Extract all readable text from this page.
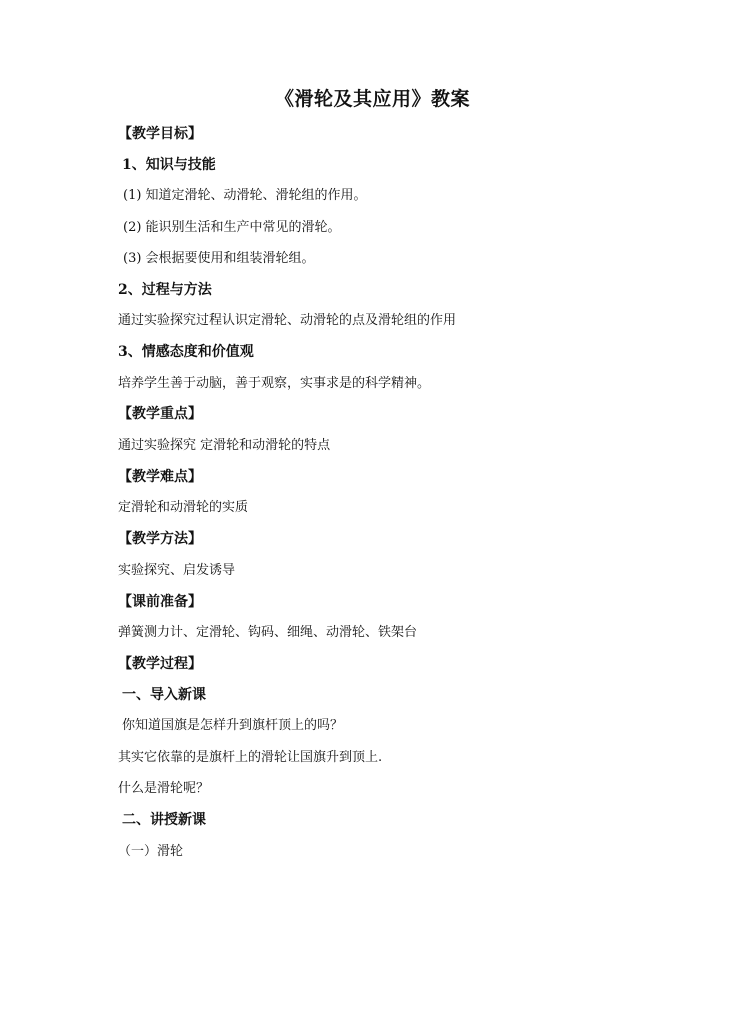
《滑轮及其应用》教案
【教学目标】
1、知识与技能
(1) 知道定滑轮、动滑轮、滑轮组的作用。
(2) 能识别生活和生产中常见的滑轮。
(3) 会根据要使用和组装滑轮组。
2、过程与方法
通过实验探究过程认识定滑轮、动滑轮的点及滑轮组的作用
3、情感态度和价值观
培养学生善于动脑，善于观察，实事求是的科学精神。
【教学重点】
通过实验探究 定滑轮和动滑轮的特点
【教学难点】
定滑轮和动滑轮的实质
【教学方法】
实验探究、启发诱导
【课前准备】
弹簧测力计、定滑轮、钩码、细绳、动滑轮、铁架台
【教学过程】
一、导入新课
你知道国旗是怎样升到旗杆顶上的吗？
其实它依靠的是旗杆上的滑轮让国旗升到顶上.
什么是滑轮呢？
二、讲授新课
（一）滑轮
